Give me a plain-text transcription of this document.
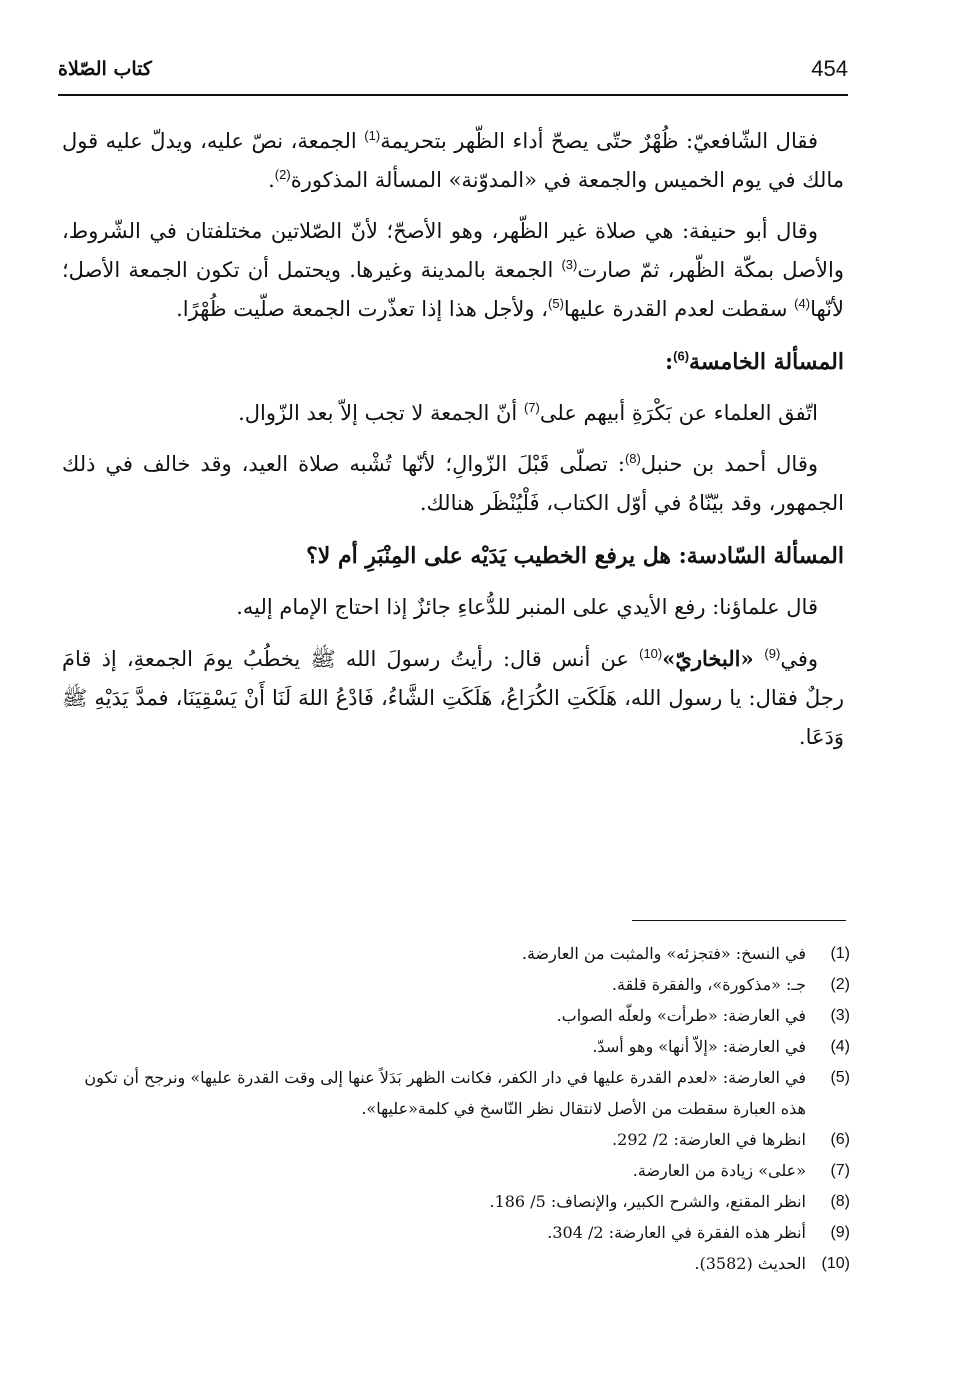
454
كتاب الصّلاة

فقال الشّافعيّ: ظُهْرٌ حتّى يصحّ أداء الظّهر بتحريمة$^{(1)}$ الجمعة، نصّ عليه، ويدلّ عليه قول مالك في يوم الخميس والجمعة في «المدوّنة» المسألة المذكورة$^{(2)}$.

وقال أبو حنيفة: هي صلاة غير الظّهر، وهو الأصحّ؛ لأنّ الصّلاتين مختلفتان في الشّروط، والأصل بمكّة الظّهر، ثمّ صارت$^{(3)}$ الجمعة بالمدينة وغيرها. ويحتمل أن تكون الجمعة الأصل؛ لأنّها$^{(4)}$ سقطت لعدم القدرة عليها$^{(5)}$، ولأجل هذا إذا تعذّرت الجمعة صلّيت ظُهْرًا.

المسألة الخامسة$^{(6)}$:

اتّفق العلماء عن بَكْرَةِ أبيهم على$^{(7)}$ أنّ الجمعة لا تجب إلاّ بعد الزّوال.

وقال أحمد بن حنبل$^{(8)}$: تصلّى قَبْلَ الزّوالِ؛ لأنّها تُشْبه صلاة العيد، وقد خالف في ذلك الجمهور، وقد بيّنّاهُ في أوّل الكتاب، فَلْيُنْظَر هنالك.

المسألة السّادسة: هل يرفع الخطيب يَدَيْه على المِنْبَرِ أم لا؟

قال علماؤنا: رفع الأيدي على المنبر للدُّعاءِ جائزٌ إذا احتاج الإمام إليه.

وفي$^{(9)}$ «البخاريّ»$^{(10)}$ عن أنس قال: رأيتُ رسولَ الله ﷺ يخطُبُ يومَ الجمعةِ، إذ قامَ رجلٌ فقال: يا رسول الله، هَلَكَتِ الكُرَاعُ، هَلَكَتِ الشَّاءُ، فَادْعُ اللهَ لَنَا أَنْ يَسْقِيَنَا، فمدَّ يَدَيْهِ ﷺ وَدَعَا.

(1)
في النسخ: «فتجزئه» والمثبت من العارضة.
(2)
جـ: «مذكورة»، والفقرة قلقة.
(3)
في العارضة: «طرأت» ولعلّه الصواب.
(4)
في العارضة: «إلاّ أنها» وهو أسدّ.
(5)
في العارضة: «لعدم القدرة عليها في دار الكفر، فكانت الظهر بَدَلاً عنها إلى وقت القدرة عليها» ونرجح أن تكون هذه العبارة سقطت من الأصل لانتقال نظر النّاسخ في كلمة«عليها».
(6)
انظرها في العارضة: 2/ 292.
(7)
«على» زيادة من العارضة.
(8)
انظر المقنع، والشرح الكبير، والإنصاف: 5/ 186.
(9)
أنظر هذه الفقرة في العارضة: 2/ 304.
(10)
الحديث (3582).
